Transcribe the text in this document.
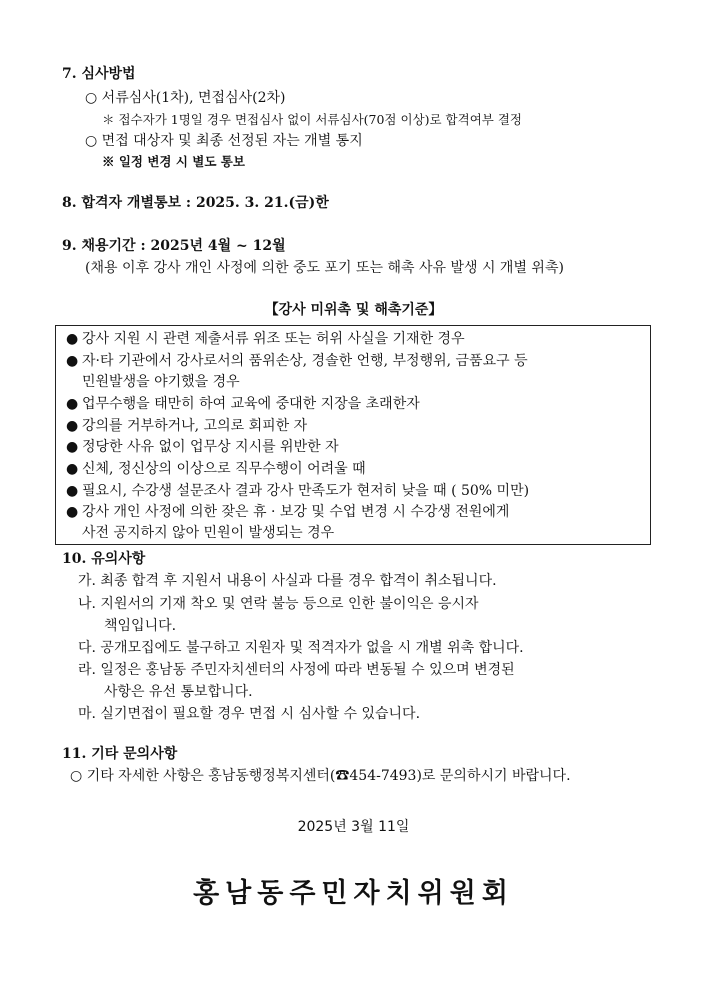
7. 심사방법
○ 서류심사(1차), 면접심사(2차)
＊ 접수자가 1명일 경우 면접심사 없이 서류심사(70점 이상)로 합격여부 결정
○ 면접 대상자 및 최종 선정된 자는 개별 통지
※ 일정 변경 시 별도 통보
8. 합격자 개별통보 : 2025. 3. 21.(금)한
9. 채용기간 : 2025년 4월 ~ 12월
(채용 이후 강사 개인 사정에 의한 중도 포기 또는 해촉 사유 발생 시 개별 위촉)
【강사 미위촉 및 해촉기준】
● 강사 지원 시 관련 제출서류 위조 또는 허위 사실을 기재한 경우
● 자·타 기관에서 강사로서의 품위손상, 경솔한 언행, 부정행위, 금품요구 등
민원발생을 야기했을 경우
● 업무수행을 태만히 하여 교육에 중대한 지장을 초래한자
● 강의를 거부하거나, 고의로 회피한 자
● 정당한 사유 없이 업무상 지시를 위반한 자
● 신체, 정신상의 이상으로 직무수행이 어려울 때
● 필요시, 수강생 설문조사 결과 강사 만족도가 현저히 낮을 때 ( 50% 미만)
● 강사 개인 사정에 의한 잦은 휴 · 보강 및 수업 변경 시 수강생 전원에게
사전 공지하지 않아 민원이 발생되는 경우
10. 유의사항
가. 최종 합격 후 지원서 내용이 사실과 다를 경우 합격이 취소됩니다.
나. 지원서의 기재 착오 및 연락 불능 등으로 인한 불이익은 응시자
책임입니다.
다. 공개모집에도 불구하고 지원자 및 적격자가 없을 시 개별 위촉 합니다.
라. 일정은 홍남동 주민자치센터의 사정에 따라 변동될 수 있으며 변경된
사항은 유선 통보합니다.
마. 실기면접이 필요할 경우 면접 시 심사할 수 있습니다.
11. 기타 문의사항
○ 기타 자세한 사항은 홍남동행정복지센터(☎454-7493)로 문의하시기 바랍니다.
2025년 3월 11일
홍남동주민자치위원회
